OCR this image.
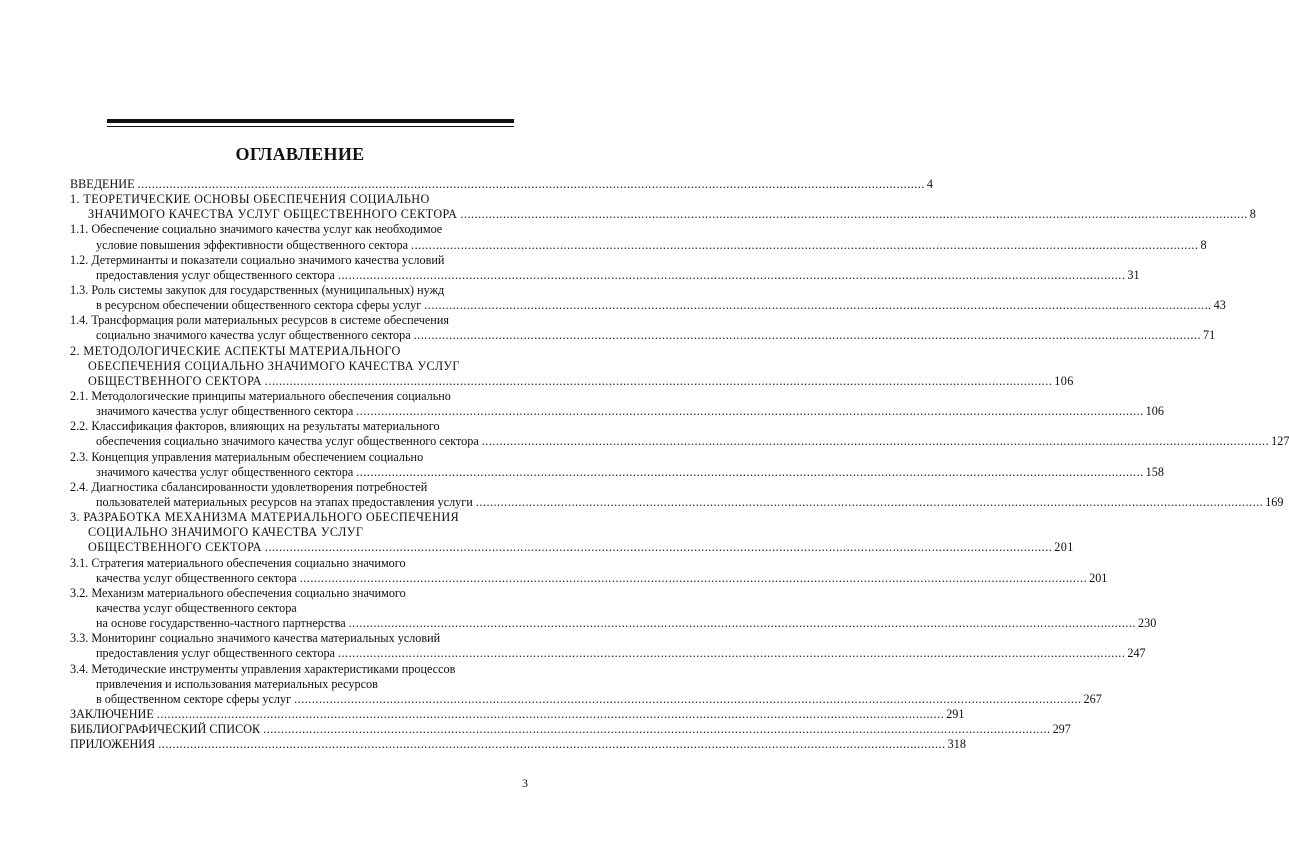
ОГЛАВЛЕНИЕ
ВВЕДЕНИЕ .............................................................................................................................................................................................................................. 4
1. ТЕОРЕТИЧЕСКИЕ ОСНОВЫ ОБЕСПЕЧЕНИЯ СОЦИАЛЬНО
ЗНАЧИМОГО КАЧЕСТВА УСЛУГ ОБЩЕСТВЕННОГО СЕКТОРА .............................................................................................................................................................................................................................. 8
1.1. Обеспечение социально значимого качества услуг как необходимое
условие повышения эффективности общественного сектора .............................................................................................................................................................................................................................. 8
1.2. Детерминанты и показатели социально значимого качества условий
предоставления услуг общественного сектора .............................................................................................................................................................................................................................. 31
1.3. Роль системы закупок для государственных (муниципальных) нужд
в ресурсном обеспечении общественного сектора сферы услуг .............................................................................................................................................................................................................................. 43
1.4. Трансформация роли материальных ресурсов в системе обеспечения
социально значимого качества услуг общественного сектора .............................................................................................................................................................................................................................. 71
2. МЕТОДОЛОГИЧЕСКИЕ АСПЕКТЫ МАТЕРИАЛЬНОГО
ОБЕСПЕЧЕНИЯ СОЦИАЛЬНО ЗНАЧИМОГО КАЧЕСТВА УСЛУГ
ОБЩЕСТВЕННОГО СЕКТОРА .............................................................................................................................................................................................................................. 106
2.1. Методологические принципы материального обеспечения социально
значимого качества услуг общественного сектора .............................................................................................................................................................................................................................. 106
2.2. Классификация факторов, влияющих на результаты материального
обеспечения социально значимого качества услуг общественного сектора .............................................................................................................................................................................................................................. 127
2.3. Концепция управления материальным обеспечением социально
значимого качества услуг общественного сектора .............................................................................................................................................................................................................................. 158
2.4. Диагностика сбалансированности удовлетворения потребностей
пользователей материальных ресурсов на этапах предоставления услуги .............................................................................................................................................................................................................................. 169
3. РАЗРАБОТКА МЕХАНИЗМА МАТЕРИАЛЬНОГО ОБЕСПЕЧЕНИЯ
СОЦИАЛЬНО ЗНАЧИМОГО КАЧЕСТВА УСЛУГ
ОБЩЕСТВЕННОГО СЕКТОРА .............................................................................................................................................................................................................................. 201
3.1. Стратегия материального обеспечения социально значимого
качества услуг общественного сектора .............................................................................................................................................................................................................................. 201
3.2. Механизм материального обеспечения социально значимого
качества услуг общественного сектора
на основе государственно-частного партнерства .............................................................................................................................................................................................................................. 230
3.3. Мониторинг социально значимого качества материальных условий
предоставления услуг общественного сектора .............................................................................................................................................................................................................................. 247
3.4. Методические инструменты управления характеристиками процессов
привлечения и использования материальных ресурсов
в общественном секторе сферы услуг .............................................................................................................................................................................................................................. 267
ЗАКЛЮЧЕНИЕ .............................................................................................................................................................................................................................. 291
БИБЛИОГРАФИЧЕСКИЙ СПИСОК .............................................................................................................................................................................................................................. 297
ПРИЛОЖЕНИЯ .............................................................................................................................................................................................................................. 318
3
